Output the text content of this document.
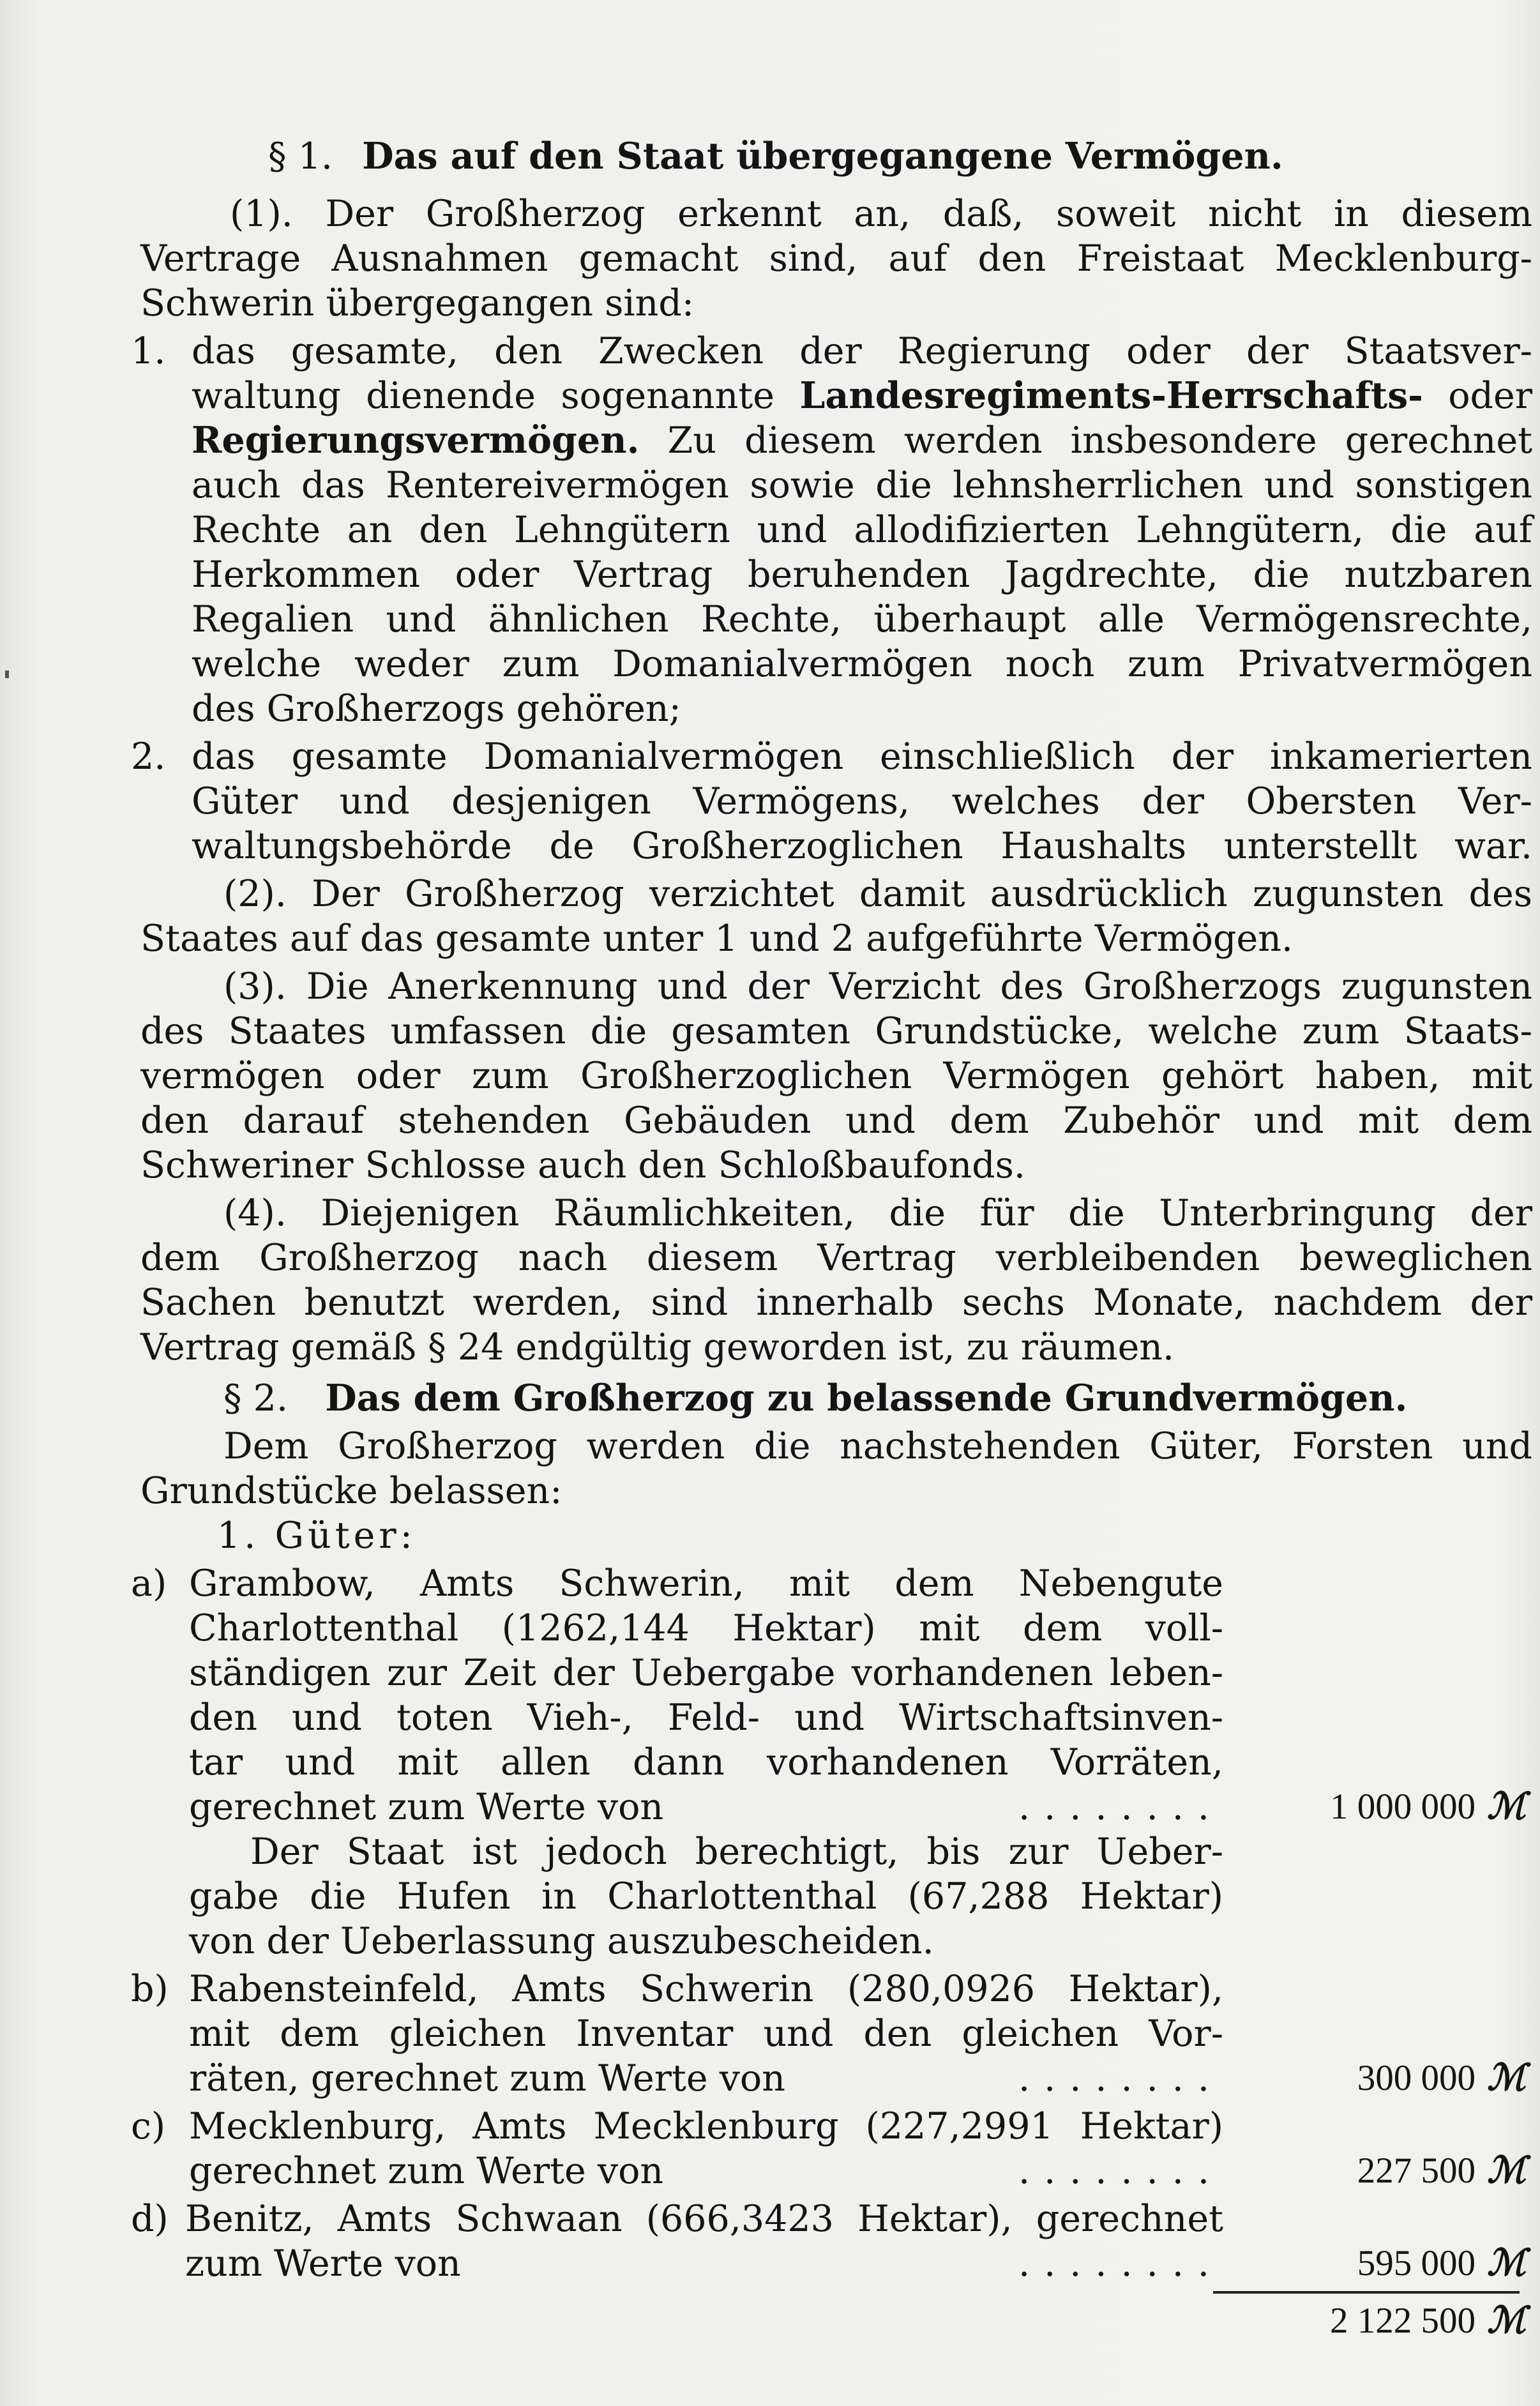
§ 1. Das auf den Staat übergegangene Vermögen.
(1). Der Großherzog erkennt an, daß, soweit nicht in diesem
Vertrage Ausnahmen gemacht sind, auf den Freistaat Mecklenburg-
Schwerin übergegangen sind:
1. das gesamte, den Zwecken der Regierung oder der Staatsver-
waltung dienende sogenannte Landesregiments-Herrschafts- oder
Regierungsvermögen. Zu diesem werden insbesondere gerechnet
auch das Rentereivermögen sowie die lehnsherrlichen und sonstigen
Rechte an den Lehngütern und allodifizierten Lehngütern, die auf
Herkommen oder Vertrag beruhenden Jagdrechte, die nutzbaren
Regalien und ähnlichen Rechte, überhaupt alle Vermögensrechte,
welche weder zum Domanialvermögen noch zum Privatvermögen
des Großherzogs gehören;
2. das gesamte Domanialvermögen einschließlich der inkamerierten
Güter und desjenigen Vermögens, welches der Obersten Ver-
waltungsbehörde de Großherzoglichen Haushalts unterstellt war.
(2). Der Großherzog verzichtet damit ausdrücklich zugunsten des
Staates auf das gesamte unter 1 und 2 aufgeführte Vermögen.
(3). Die Anerkennung und der Verzicht des Großherzogs zugunsten
des Staates umfassen die gesamten Grundstücke, welche zum Staats-
vermögen oder zum Großherzoglichen Vermögen gehört haben, mit
den darauf stehenden Gebäuden und dem Zubehör und mit dem
Schweriner Schlosse auch den Schloßbaufonds.
(4). Diejenigen Räumlichkeiten, die für die Unterbringung der
dem Großherzog nach diesem Vertrag verbleibenden beweglichen
Sachen benutzt werden, sind innerhalb sechs Monate, nachdem der
Vertrag gemäß § 24 endgültig geworden ist, zu räumen.
§ 2. Das dem Großherzog zu belassende Grundvermögen.
Dem Großherzog werden die nachstehenden Güter, Forsten und
Grundstücke belassen:
1. Güter:
a) Grambow, Amts Schwerin, mit dem Nebengute
Charlottenthal (1262,144 Hektar) mit dem voll-
ständigen zur Zeit der Uebergabe vorhandenen leben-
den und toten Vieh-, Feld- und Wirtschaftsinven-
tar und mit allen dann vorhandenen Vorräten,
gerechnet zum Werte von	........	1 000 000 ℳ
Der Staat ist jedoch berechtigt, bis zur Ueber-
gabe die Hufen in Charlottenthal (67,288 Hektar)
von der Ueberlassung auszubescheiden.
b) Rabensteinfeld, Amts Schwerin (280,0926 Hektar),
mit dem gleichen Inventar und den gleichen Vor-
räten, gerechnet zum Werte von	........	300 000 ℳ
c) Mecklenburg, Amts Mecklenburg (227,2991 Hektar)
gerechnet zum Werte von	........	227 500 ℳ
d) Benitz, Amts Schwaan (666,3423 Hektar), gerechnet
zum Werte von	........	595 000 ℳ
2 122 500 ℳ
